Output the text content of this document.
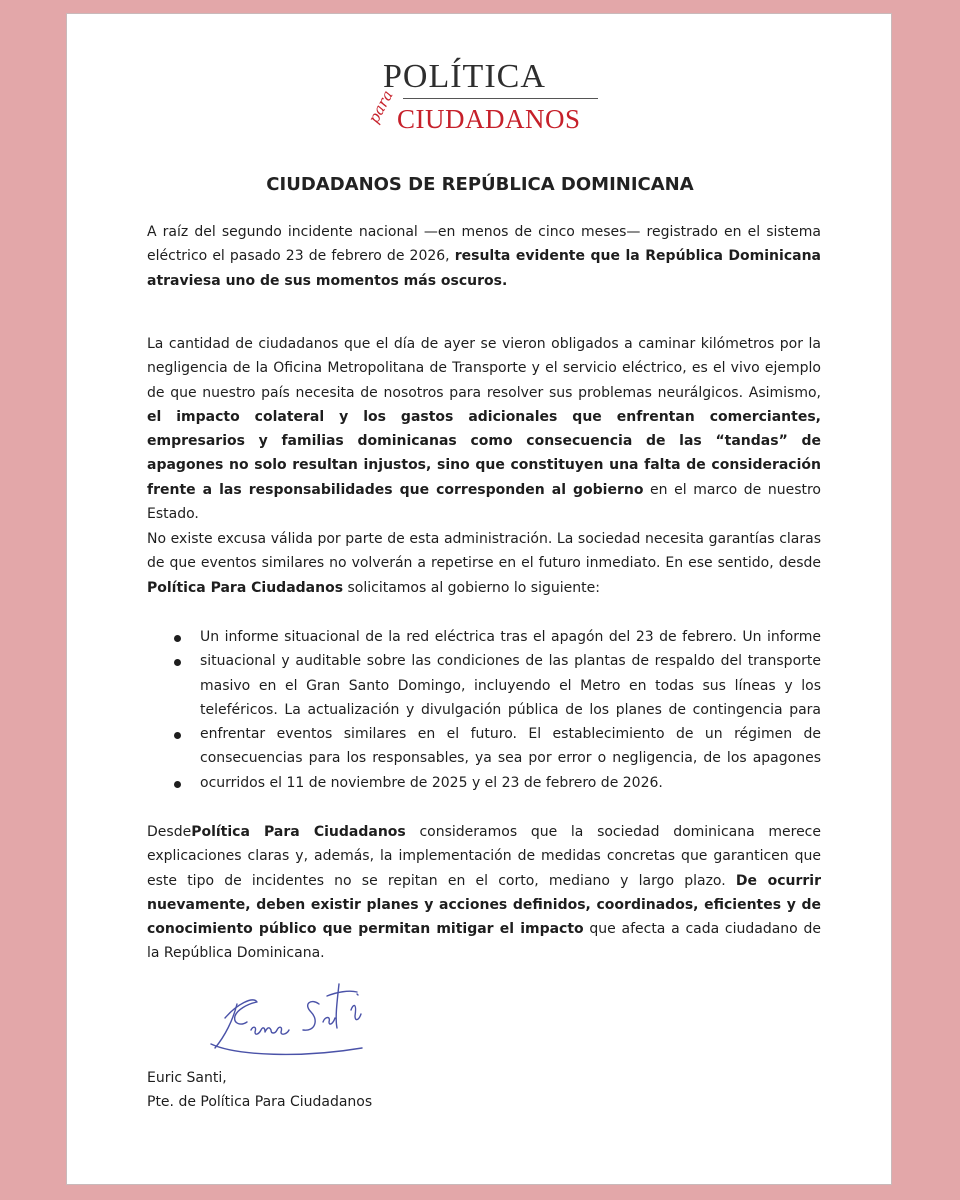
POLÍTICA
para CIUDADANOS
CIUDADANOS DE REPÚBLICA DOMINICANA

A raíz del segundo incidente nacional —en menos de cinco meses— registrado en el sistema eléctrico el pasado 23 de febrero de 2026, resulta evidente que la República Dominicana atraviesa uno de sus momentos más oscuros.

La cantidad de ciudadanos que el día de ayer se vieron obligados a caminar kilómetros por la negligencia de la Oficina Metropolitana de Transporte y el servicio eléctrico, es el vivo ejemplo de que nuestro país necesita de nosotros para resolver sus problemas neurálgicos. Asimismo, el impacto colateral y los gastos adicionales que enfrentan comerciantes, empresarios y familias dominicanas como consecuencia de las “tandas” de apagones no solo resultan injustos, sino que constituyen una falta de consideración frente a las responsabilidades que corresponden al gobierno en el marco de nuestro Estado.

No existe excusa válida por parte de esta administración. La sociedad necesita garantías claras de que eventos similares no volverán a repetirse en el futuro inmediato. En ese sentido, desde Política Para Ciudadanos solicitamos al gobierno lo siguiente:

Un informe situacional de la red eléctrica tras el apagón del 23 de febrero. Un informe situacional y auditable sobre las condiciones de las plantas de respaldo del transporte masivo en el Gran Santo Domingo, incluyendo el Metro en todas sus líneas y los teleféricos. La actualización y divulgación pública de los planes de contingencia para enfrentar eventos similares en el futuro. El establecimiento de un régimen de consecuencias para los responsables, ya sea por error o negligencia, de los apagones ocurridos el 11 de noviembre de 2025 y el 23 de febrero de 2026.

DesdePolítica Para Ciudadanos consideramos que la sociedad dominicana merece explicaciones claras y, además, la implementación de medidas concretas que garanticen que este tipo de incidentes no se repitan en el corto, mediano y largo plazo. De ocurrir nuevamente, deben existir planes y acciones definidos, coordinados, eficientes y de conocimiento público que permitan mitigar el impacto que afecta a cada ciudadano de la República Dominicana.

Euric Santi,

Pte. de Política Para Ciudadanos
